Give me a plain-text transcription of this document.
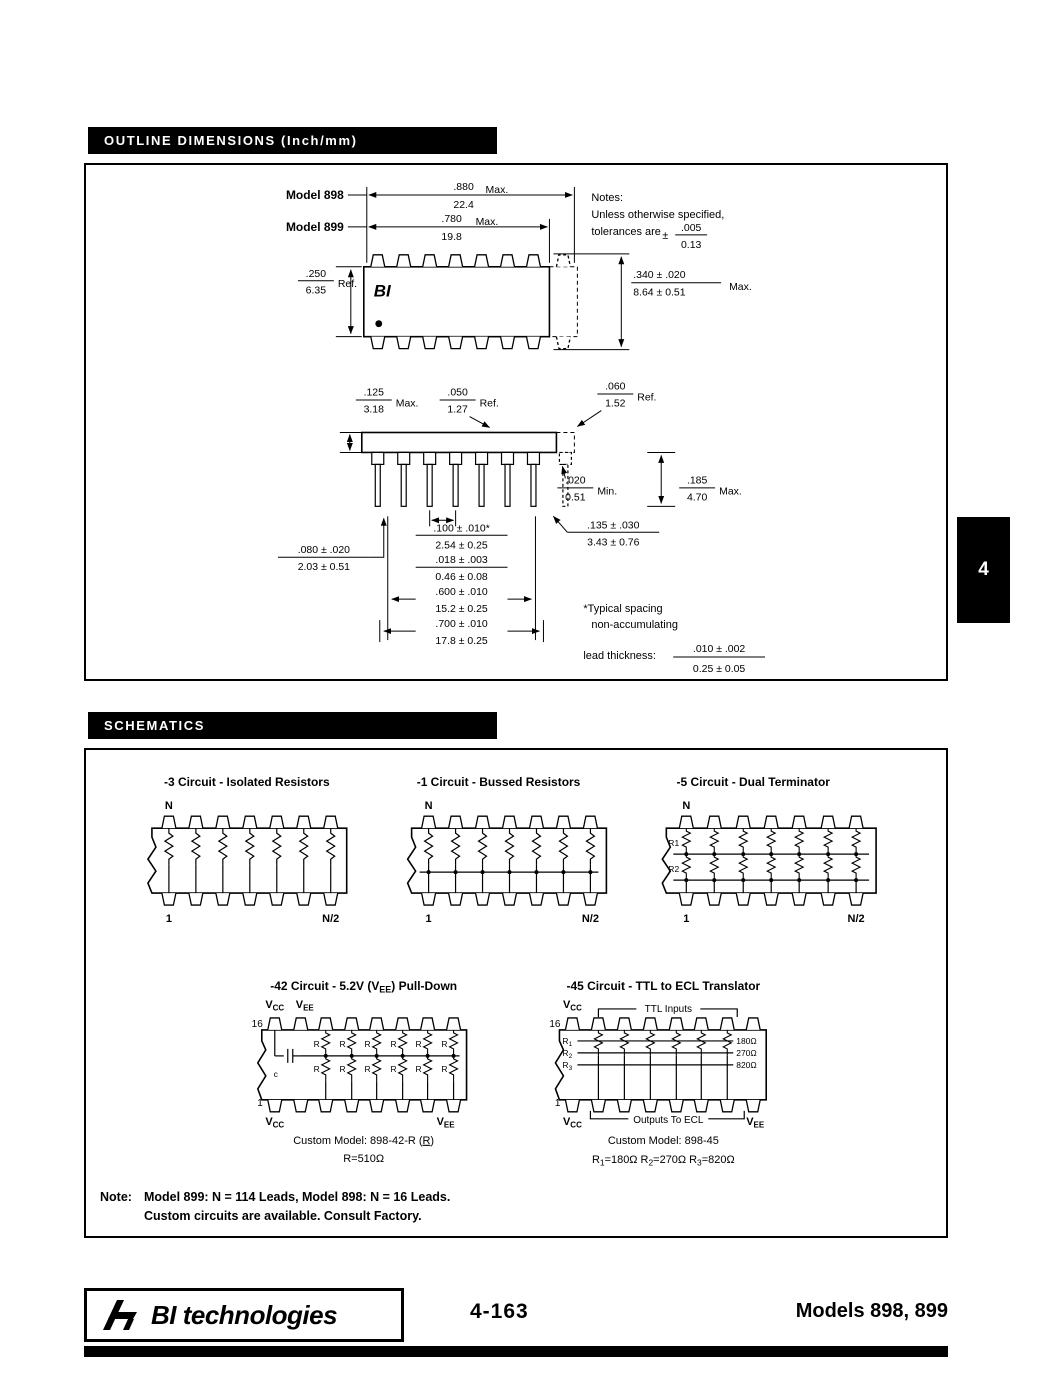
OUTLINE DIMENSIONS (Inch/mm)
Model 898
.880
22.4
Max.
Model 899
.780
19.8
Max.
BI
.250
6.35
Ref.
.340 ± .020
8.64 ± 0.51
Max.
Notes:
Unless otherwise specified,
tolerances are ±
.005
0.13
.125
3.18
Max.
.050
1.27
Ref.
.060
1.52
Ref.
.020
0.51
Min.
.185
4.70
Max.
.100 ± .010*
2.54 ± 0.25
.018 ± .003
0.46 ± 0.08
.600 ± .010
15.2 ± 0.25
.700 ± .010
17.8 ± 0.25
.080 ± .020
2.03 ± 0.51
.135 ± .030
3.43 ± 0.76
*Typical spacing
non-accumulating
lead thickness:
.010 ± .002
0.25 ± 0.05
SCHEMATICS
-3 Circuit - Isolated Resistors
N
1	N/2
-1 Circuit - Bussed Resistors
N
1	N/2
-5 Circuit - Dual Terminator
R1
R2
N
1	N/2
-42 Circuit - 5.2V $(V_{EE})$ Pull-Down
$V_{CC}$ $V_{EE}$
16
c
R R R R R R
R R R R R R
1
$V_{CC}$	$V_{EE}$
Custom Model: 898-42-R (R)
R=510Ω
-45 Circuit - TTL to ECL Translator
$V_{CC}$	TTL Inputs
16
$R_1$
$R_2$
$R_3$
180Ω
270Ω
820Ω
1
$V_{CC}$	Outputs To ECL	$V_{EE}$
Custom Model: 898-45
$R_1=180\Omega$ $R_2=270\Omega$ $R_3=820\Omega$
Note: Model 899: N = 114 Leads, Model 898: N = 16 Leads.
Custom circuits are available. Consult Factory.
BI technologies	4-163	Models 898, 899
4
